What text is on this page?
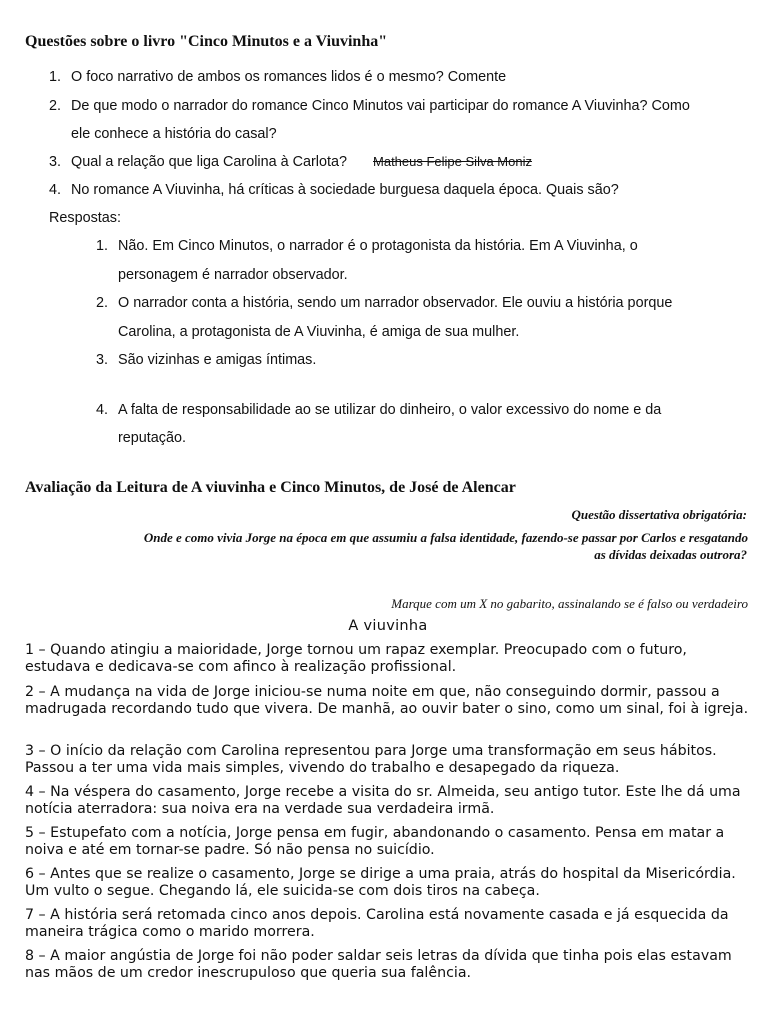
Questões sobre o livro "Cinco Minutos e a Viuvinha"
1. O foco narrativo de ambos os romances lidos é o mesmo? Comente
2. De que modo o narrador do romance Cinco Minutos vai participar do romance A Viuvinha? Como
ele conhece a história do casal?
3. Qual a relação que liga Carolina à Carlota? Matheus Felipe Silva Moniz
4. No romance A Viuvinha, há críticas à sociedade burguesa daquela época. Quais são?
Respostas:
1. Não. Em Cinco Minutos, o narrador é o protagonista da história. Em A Viuvinha, o
personagem é narrador observador.
2. O narrador conta a história, sendo um narrador observador. Ele ouviu a história porque
Carolina, a protagonista de A Viuvinha, é amiga de sua mulher.
3. São vizinhas e amigas íntimas.
4. A falta de responsabilidade ao se utilizar do dinheiro, o valor excessivo do nome e da
reputação.
Avaliação da Leitura de A viuvinha e Cinco Minutos, de José de Alencar
Questão dissertativa obrigatória:
Onde e como vivia Jorge na época em que assumiu a falsa identidade, fazendo-se passar por Carlos e resgatando
as dívidas deixadas outrora?
Marque com um X no gabarito, assinalando se é falso ou verdadeiro
A viuvinha
1 – Quando atingiu a maioridade, Jorge tornou um rapaz exemplar. Preocupado com o futuro, estudava e dedicava-se com afinco à realização profissional.
2 – A mudança na vida de Jorge iniciou-se numa noite em que, não conseguindo dormir, passou a madrugada recordando tudo que vivera. De manhã, ao ouvir bater o sino, como um sinal, foi à igreja.
3 – O início da relação com Carolina representou para Jorge uma transformação em seus hábitos. Passou a ter uma vida mais simples, vivendo do trabalho e desapegado da riqueza.
4 – Na véspera do casamento, Jorge recebe a visita do sr. Almeida, seu antigo tutor. Este lhe dá uma notícia aterradora: sua noiva era na verdade sua verdadeira irmã.
5 – Estupefato com a notícia, Jorge pensa em fugir, abandonando o casamento. Pensa em matar a noiva e até em tornar-se padre. Só não pensa no suicídio.
6 – Antes que se realize o casamento, Jorge se dirige a uma praia, atrás do hospital da Misericórdia. Um vulto o segue. Chegando lá, ele suicida-se com dois tiros na cabeça.
7 – A história será retomada cinco anos depois. Carolina está novamente casada e já esquecida da maneira trágica como o marido morrera.
8 – A maior angústia de Jorge foi não poder saldar seis letras da dívida que tinha pois elas estavam nas mãos de um credor inescrupuloso que queria sua falência.
